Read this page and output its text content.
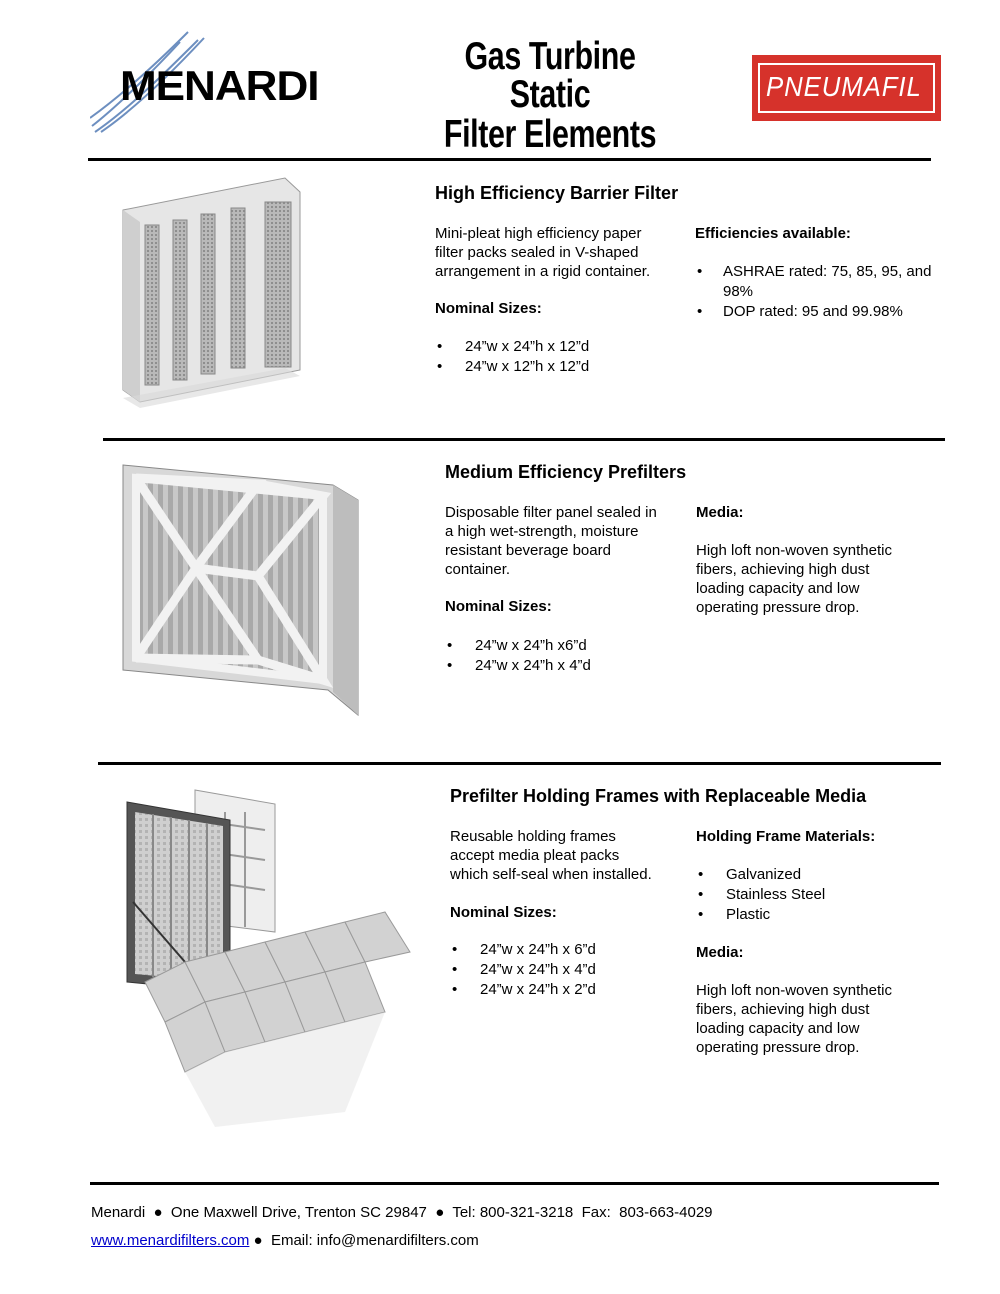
MENARDI
Gas Turbine Static
Filter Elements
PNEUMAFIL
High Efficiency Barrier Filter
Mini-pleat high efficiency paper
filter packs sealed in V-shaped
arrangement in a rigid container.
Nominal Sizes:
• 24”w x 24”h x 12”d
• 24”w x 12”h x 12”d
Efficiencies available:
• ASHRAE rated: 75, 85, 95, and 98%
• DOP rated: 95 and 99.98%
Medium Efficiency Prefilters
Disposable filter panel sealed in
a high wet-strength, moisture
resistant beverage board
container.
Nominal Sizes:
• 24”w x 24”h x6”d
• 24”w x 24”h x 4”d
Media:
High loft non-woven synthetic
fibers, achieving high dust
loading capacity and low
operating pressure drop.
Prefilter Holding Frames with Replaceable Media
Reusable holding frames
accept media pleat packs
which self-seal when installed.
Nominal Sizes:
• 24”w x 24”h x 6”d
• 24”w x 24”h x 4”d
• 24”w x 24”h x 2”d
Holding Frame Materials:
• Galvanized
• Stainless Steel
• Plastic
Media:
High loft non-woven synthetic
fibers, achieving high dust
loading capacity and low
operating pressure drop.
Menardi  ●  One Maxwell Drive, Trenton SC 29847  ●  Tel: 800-321-3218  Fax:  803-663-4029
www.menardifilters.com ●  Email: info@menardifilters.com
